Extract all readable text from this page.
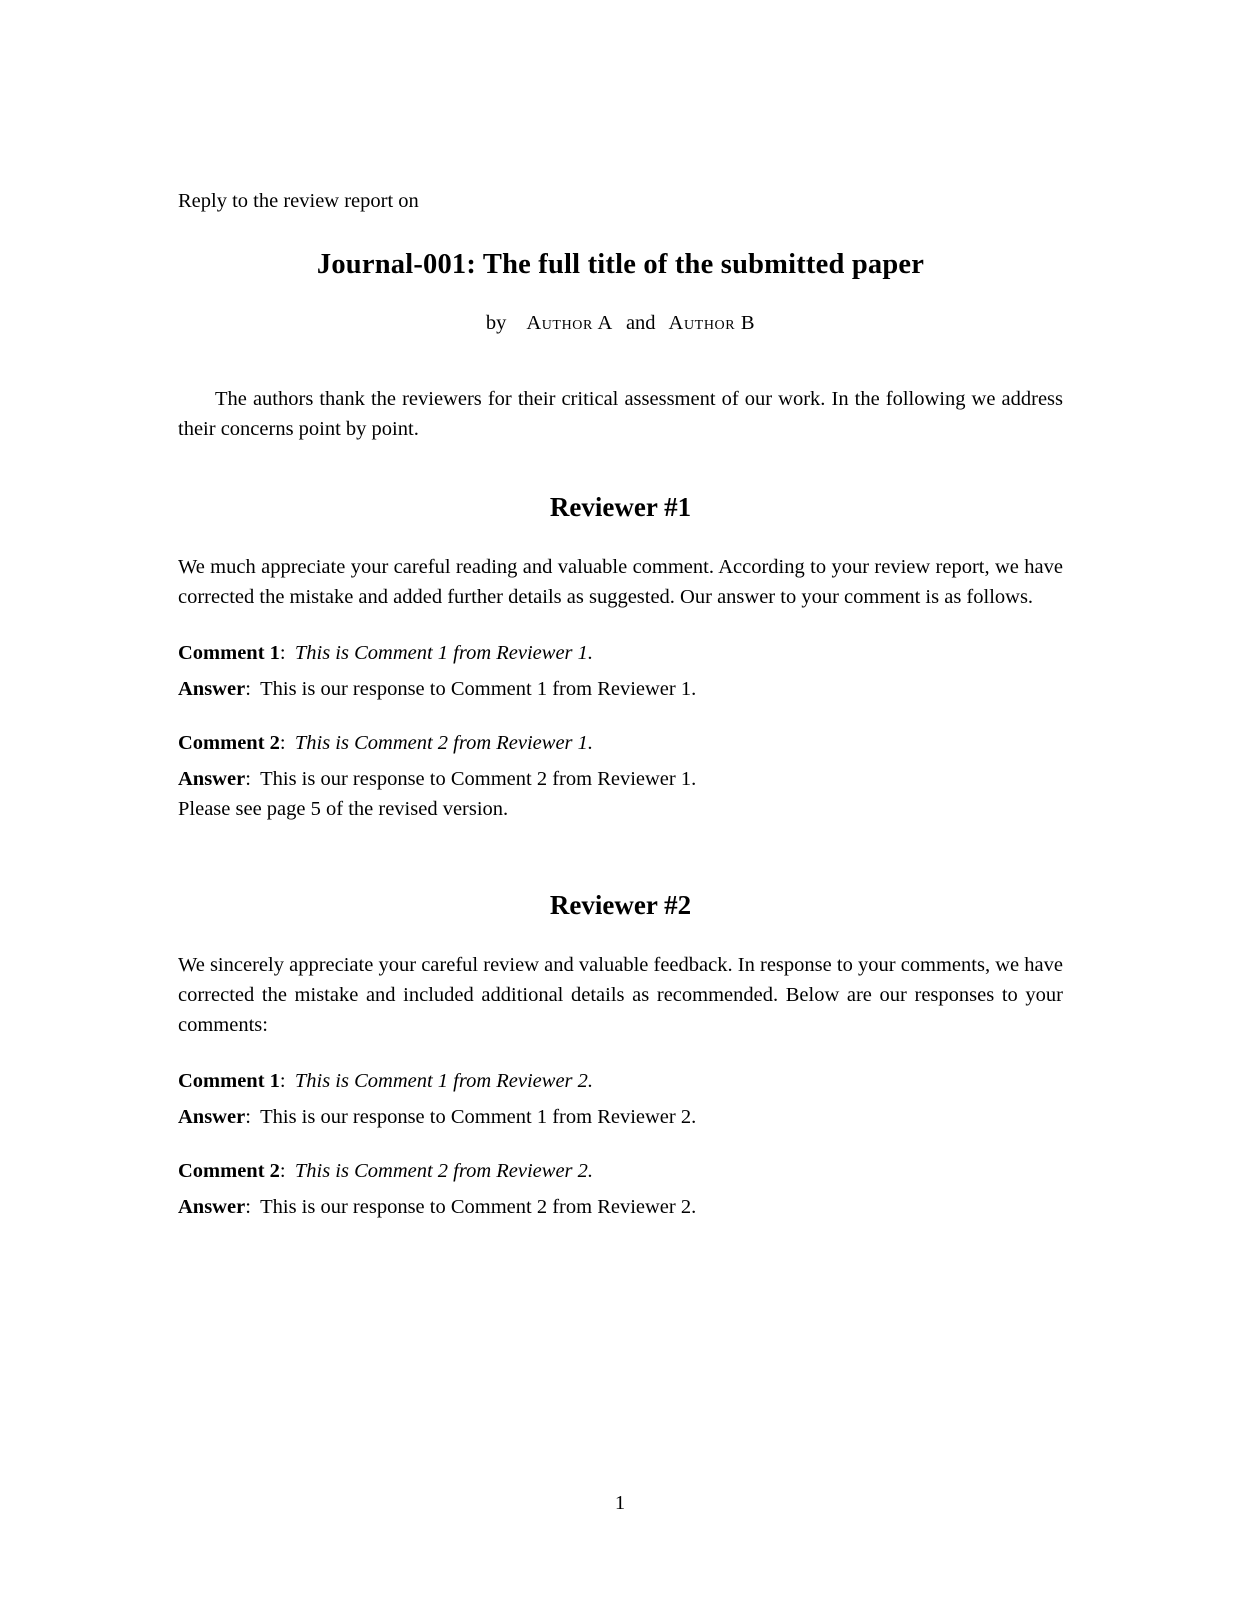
Reply to the review report on

Journal-001: The full title of the submitted paper

by Author A and Author B

The authors thank the reviewers for their critical assessment of our work. In the following we address their concerns point by point.

Reviewer #1

We much appreciate your careful reading and valuable comment. According to your review report, we have corrected the mistake and added further details as suggested. Our answer to your comment is as follows.

Comment 1: This is Comment 1 from Reviewer 1.

Answer: This is our response to Comment 1 from Reviewer 1.

Comment 2: This is Comment 2 from Reviewer 1.

Answer: This is our response to Comment 2 from Reviewer 1.
Please see page 5 of the revised version.

Reviewer #2

We sincerely appreciate your careful review and valuable feedback. In response to your comments, we have corrected the mistake and included additional details as recommended. Below are our responses to your comments:

Comment 1: This is Comment 1 from Reviewer 2.

Answer: This is our response to Comment 1 from Reviewer 2.

Comment 2: This is Comment 2 from Reviewer 2.

Answer: This is our response to Comment 2 from Reviewer 2.

1
